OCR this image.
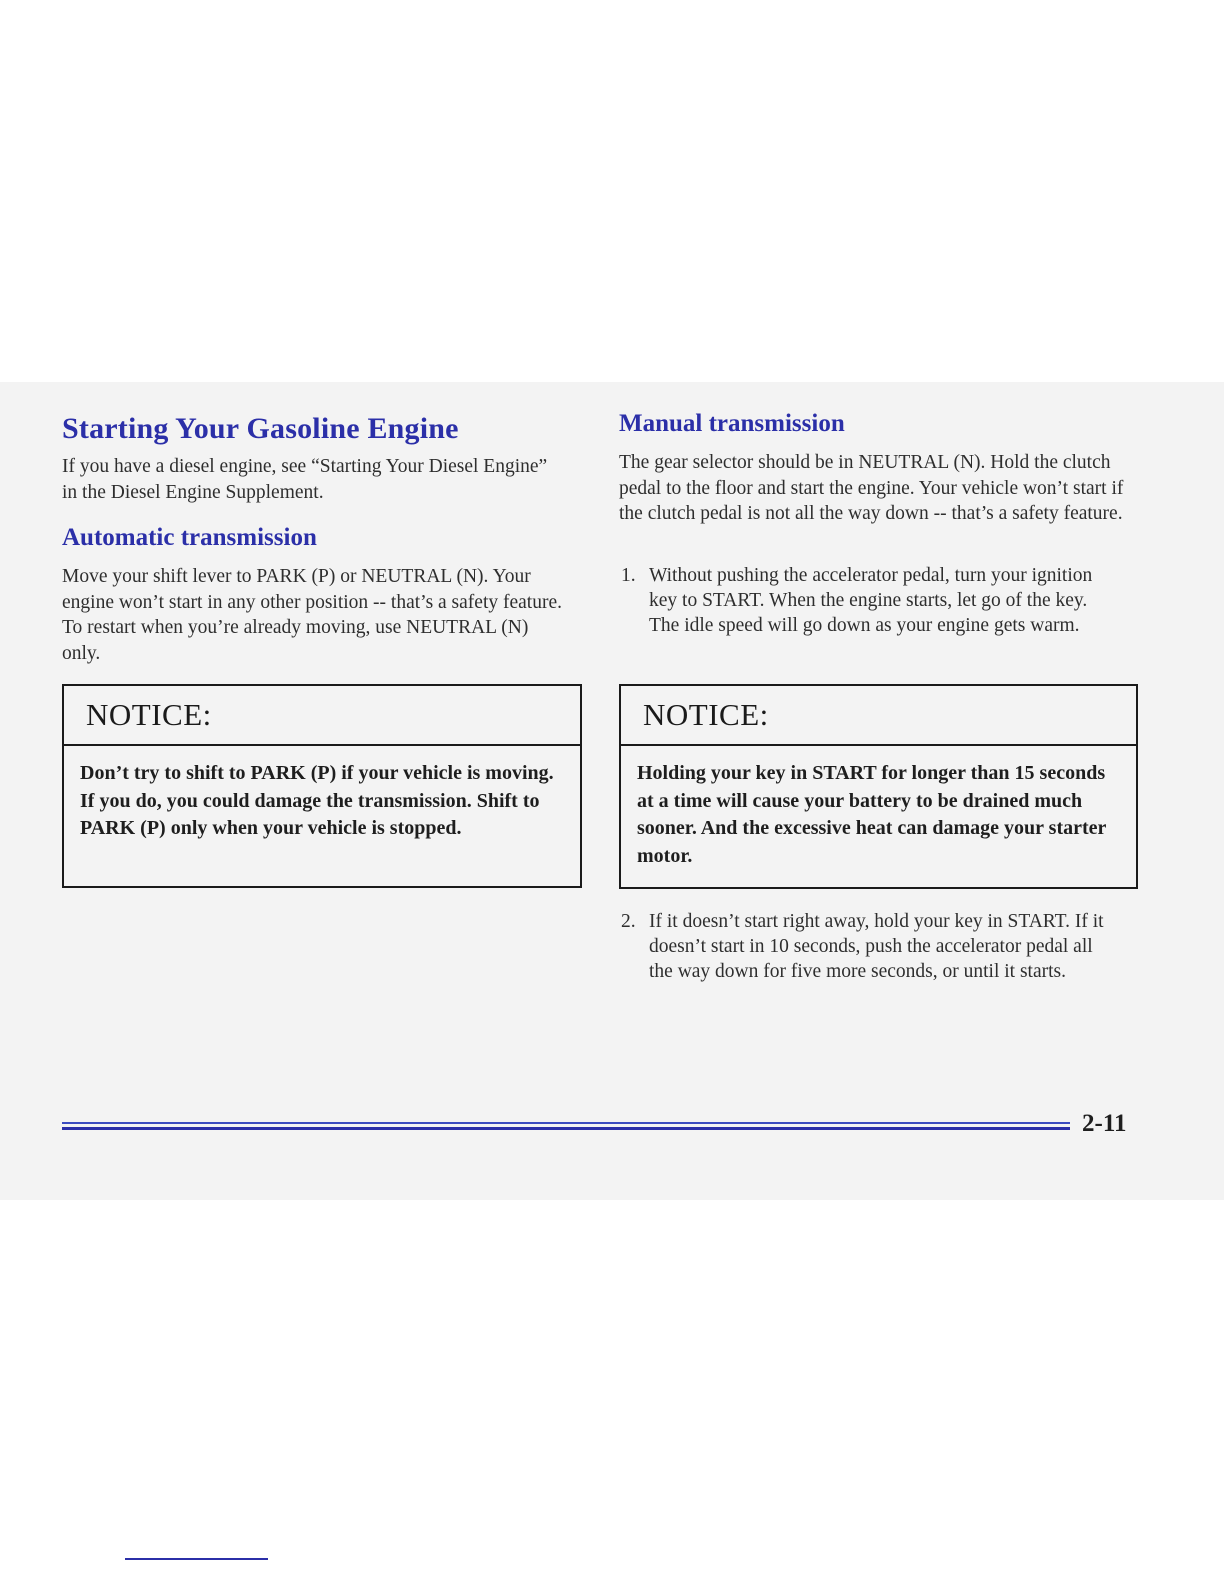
Starting Your Gasoline Engine

If you have a diesel engine, see “Starting Your Diesel Engine” in the Diesel Engine Supplement.

Automatic transmission

Move your shift lever to PARK (P) or NEUTRAL (N). Your engine won’t start in any other position -- that’s a safety feature. To restart when you’re already moving, use NEUTRAL (N) only.

NOTICE:
Don’t try to shift to PARK (P) if your vehicle is moving. If you do, you could damage the transmission. Shift to PARK (P) only when your vehicle is stopped.
Manual transmission

The gear selector should be in NEUTRAL (N). Hold the clutch pedal to the floor and start the engine. Your vehicle won’t start if the clutch pedal is not all the way down -- that’s a safety feature.

1. Without pushing the accelerator pedal, turn your ignition key to START. When the engine starts, let go of the key. The idle speed will go down as your engine gets warm.
NOTICE:
Holding your key in START for longer than 15 seconds at a time will cause your battery to be drained much sooner. And the excessive heat can damage your starter motor.
2. If it doesn’t start right away, hold your key in START. If it doesn’t start in 10 seconds, push the accelerator pedal all the way down for five more seconds, or until it starts.
2-11
